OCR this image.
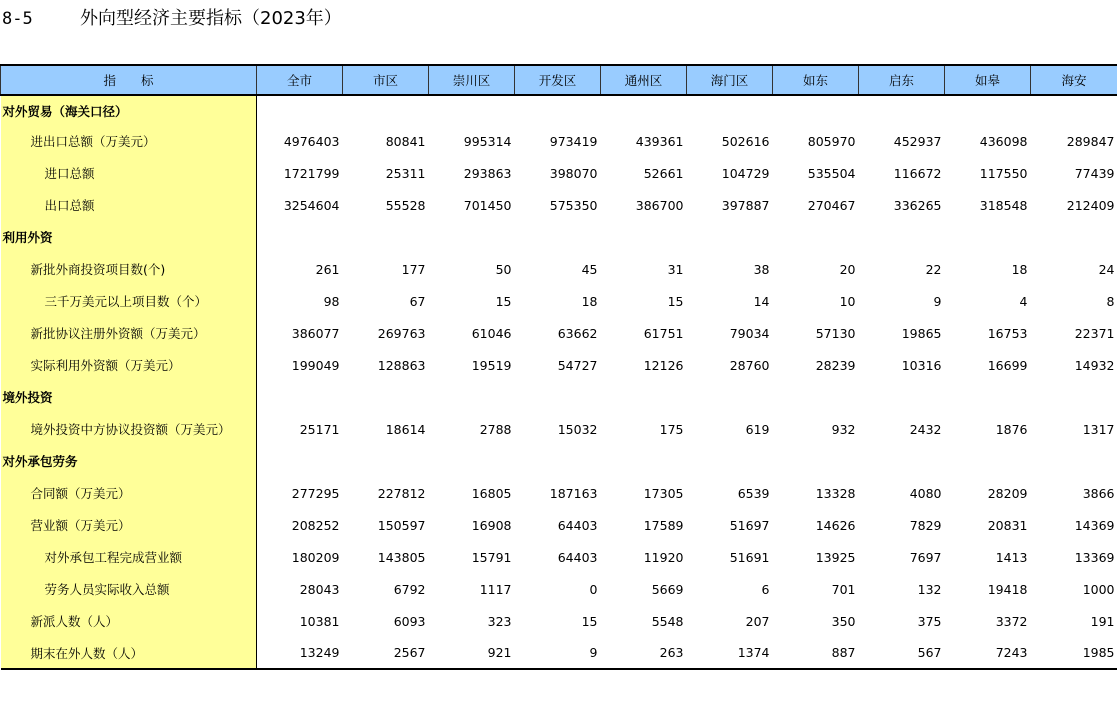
8-5	外向型经济主要指标（2023年）
指　　标	全市	市区	崇川区	开发区	通州区	海门区	如东	启东	如皋	海安
对外贸易（海关口径）										
进出口总额（万美元）	4976403	80841	995314	973419	439361	502616	805970	452937	436098	289847
进口总额	1721799	25311	293863	398070	52661	104729	535504	116672	117550	77439
出口总额	3254604	55528	701450	575350	386700	397887	270467	336265	318548	212409
利用外资										
新批外商投资项目数(个)	261	177	50	45	31	38	20	22	18	24
三千万美元以上项目数（个）	98	67	15	18	15	14	10	9	4	8
新批协议注册外资额（万美元）	386077	269763	61046	63662	61751	79034	57130	19865	16753	22371
实际利用外资额（万美元）	199049	128863	19519	54727	12126	28760	28239	10316	16699	14932
境外投资										
境外投资中方协议投资额（万美元）	25171	18614	2788	15032	175	619	932	2432	1876	1317
对外承包劳务										
合同额（万美元）	277295	227812	16805	187163	17305	6539	13328	4080	28209	3866
营业额（万美元）	208252	150597	16908	64403	17589	51697	14626	7829	20831	14369
对外承包工程完成营业额	180209	143805	15791	64403	11920	51691	13925	7697	1413	13369
劳务人员实际收入总额	28043	6792	1117	0	5669	6	701	132	19418	1000
新派人数（人）	10381	6093	323	15	5548	207	350	375	3372	191
期末在外人数（人）	13249	2567	921	9	263	1374	887	567	7243	1985
